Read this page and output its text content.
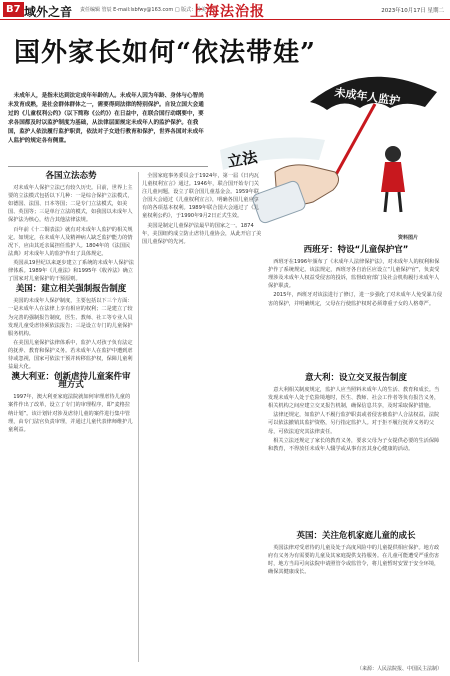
B7 域外之音 责任编辑 管辰 E-mail:lsbfwy@163.com □ 版式：孙美
上海法治报	2023年10月17日 星期二
国外家长如何“依法带娃”
未成年人监护
立法
资料图片
未成年人，是指未达到法定成年年龄的人。未成年人因为年龄、身体与心智尚未发育成熟，是社会群体群体之一，需要得到法律的特别保护。自设立国大会通过的《儿童权利公约》（以下简称《公约》）在日益中，在联合国行动纲要中，要求各国都及时以监护制度为基础，从法律层面规定未成年人的监护保护。在我国，监护人依法履行监护职责，依法对子女进行教育和保护，世界各国对未成年人监护的规定各有侧重。
各国立法态势

对未成年人保护立法已有较久历史。目前，世界上主要的立法模式包括以下几种：一是综合保护立法模式，如德国、法国、日本等国；二是专门立法模式，如美国、英国等；三是单行立法的模式，如我国以未成年人保护法为核心，结合其他法律法规。

百年前《十二铜表法》就有对未成年人监护的相关规定。如规定，在未成年人及精神病人缺乏监护能力的情况下，应由其近亲属担任监护人。1804年的《法国民法典》对未成年人的监护作出了具体规定。

英国从19世纪以来逐步建立了系统的未成年人保护法律体系。1989年《儿童法》和1995年《收养法》确立了国家对儿童保护的干预原则。

美国：建立相关强制报告制度

美国的未成年人保护制度，主要包括以下三个方面：一是未成年人在法律上享有相应的权利；二是建立了较为完善的强制报告制度，医生、教师、社工等专业人员发现儿童受虐待须依法报告；三是设立专门的儿童保护服务机构。

在美国儿童保护法律体系中，监护人对孩子负有法定的抚养、教育和保护义务。若未成年人在监护中遭到虐待或忽视，国家可依法干预并转移监护权，保障儿童利益最大化。

澳大利亚：创新虐待儿童案件审理方式

1997年，澳大利亚家庭法院就如何审理虐待儿童的案件作出了改革，设立了专门的审理程序，即“麦格拉纳计划”。该计划针对涉及虐待儿童的案件进行集中管理，由专门法官负责审理，并通过儿童代表律师维护儿童利益。

全国家庭事务委员会于1924年，第一届《日内瓦儿童权利宣言》通过。1946年，联合国开始专门关注儿童问题，设立了联合国儿童基金会。1959年联合国大会通过《儿童权利宣言》，明确各国儿童应享有的各项基本权利。1989年联合国大会通过了《儿童权利公约》，于1990年9月2日正式生效。

美国是制定儿童保护法最早的国家之一。1874年，美国纽约成立防止虐待儿童协会，从此开启了美国儿童保护的先河。

西班牙：特设“儿童保护官”

西班牙在1996年颁布了《未成年人法律保护法》，对未成年人的权利和保护作了系统规定。该法规定，西班牙各自治区应设立“儿童保护官”，负责受理涉及未成年人权益受侵害的投诉，监督政府部门及社会机构履行未成年人保护职责。

2015年，西班牙对该法进行了修订，进一步强化了对未成年人免受暴力侵害的保护，并明确规定，父母在行使监护权时必须尊重子女的人格尊严。

意大利：设立交叉报告制度

意大利相关制度规定，监护人应当照料未成年人的生活、教育和成长。当发现未成年人处于危险境地时，医生、教师、社会工作者等负有报告义务，相关机构之间应建立交叉报告机制，确保信息共享，及时采取保护措施。

法律还规定，如监护人不履行监护职责或者侵害被监护人合法权益，法院可以依法撤销其监护资格，另行指定监护人。对于拒不履行抚养义务的父母，可依法追究其法律责任。

相关立法还规定了家长的教育义务，要求父母为子女提供必要的生活保障和教育，不得放任未成年人辍学或从事有害其身心健康的活动。

英国：关注危机家庭儿童的成长

英国法律对受虐待的儿童及处于高度风险中的儿童提供相应保护。地方政府有义务为有需要的儿童及其家庭提供支持服务。在儿童可能遭受严重伤害时，地方当局可向法院申请照管令或监管令，将儿童暂时安置于安全环境，确保其健康成长。

（来源：人民法院报、中国民主法制）
